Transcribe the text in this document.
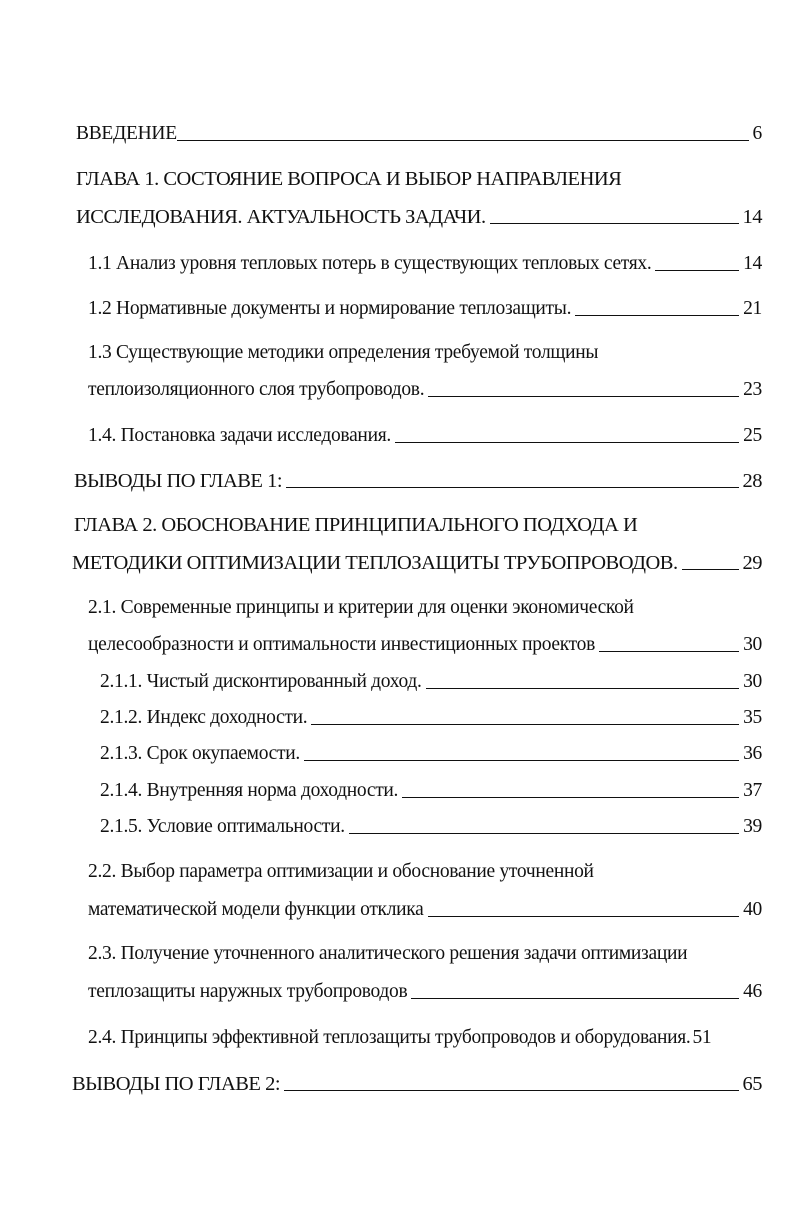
ВВЕДЕНИЕ	6
ГЛАВА 1. СОСТОЯНИЕ ВОПРОСА И ВЫБОР НАПРАВЛЕНИЯ
ИССЛЕДОВАНИЯ. АКТУАЛЬНОСТЬ ЗАДАЧИ.	14
1.1 Анализ уровня тепловых потерь в существующих тепловых сетях.	14
1.2 Нормативные документы и нормирование теплозащиты.	21
1.3 Существующие методики определения требуемой толщины
теплоизоляционного слоя трубопроводов.	23
1.4. Постановка задачи исследования.	25
ВЫВОДЫ ПО ГЛАВЕ 1:	28
ГЛАВА 2. ОБОСНОВАНИЕ ПРИНЦИПИАЛЬНОГО ПОДХОДА И
МЕТОДИКИ ОПТИМИЗАЦИИ ТЕПЛОЗАЩИТЫ ТРУБОПРОВОДОВ.	29
2.1. Современные принципы и критерии для оценки экономической
целесообразности и оптимальности инвестиционных проектов	30
2.1.1. Чистый дисконтированный доход.	30
2.1.2. Индекс доходности.	35
2.1.3. Срок окупаемости.	36
2.1.4. Внутренняя норма доходности.	37
2.1.5. Условие оптимальности.	39
2.2. Выбор параметра оптимизации и обоснование уточненной
математической модели функции отклика	40
2.3. Получение уточненного аналитического решения задачи оптимизации
теплозащиты наружных трубопроводов	46
2.4. Принципы эффективной теплозащиты трубопроводов и оборудования. 51
ВЫВОДЫ ПО ГЛАВЕ 2:	65
